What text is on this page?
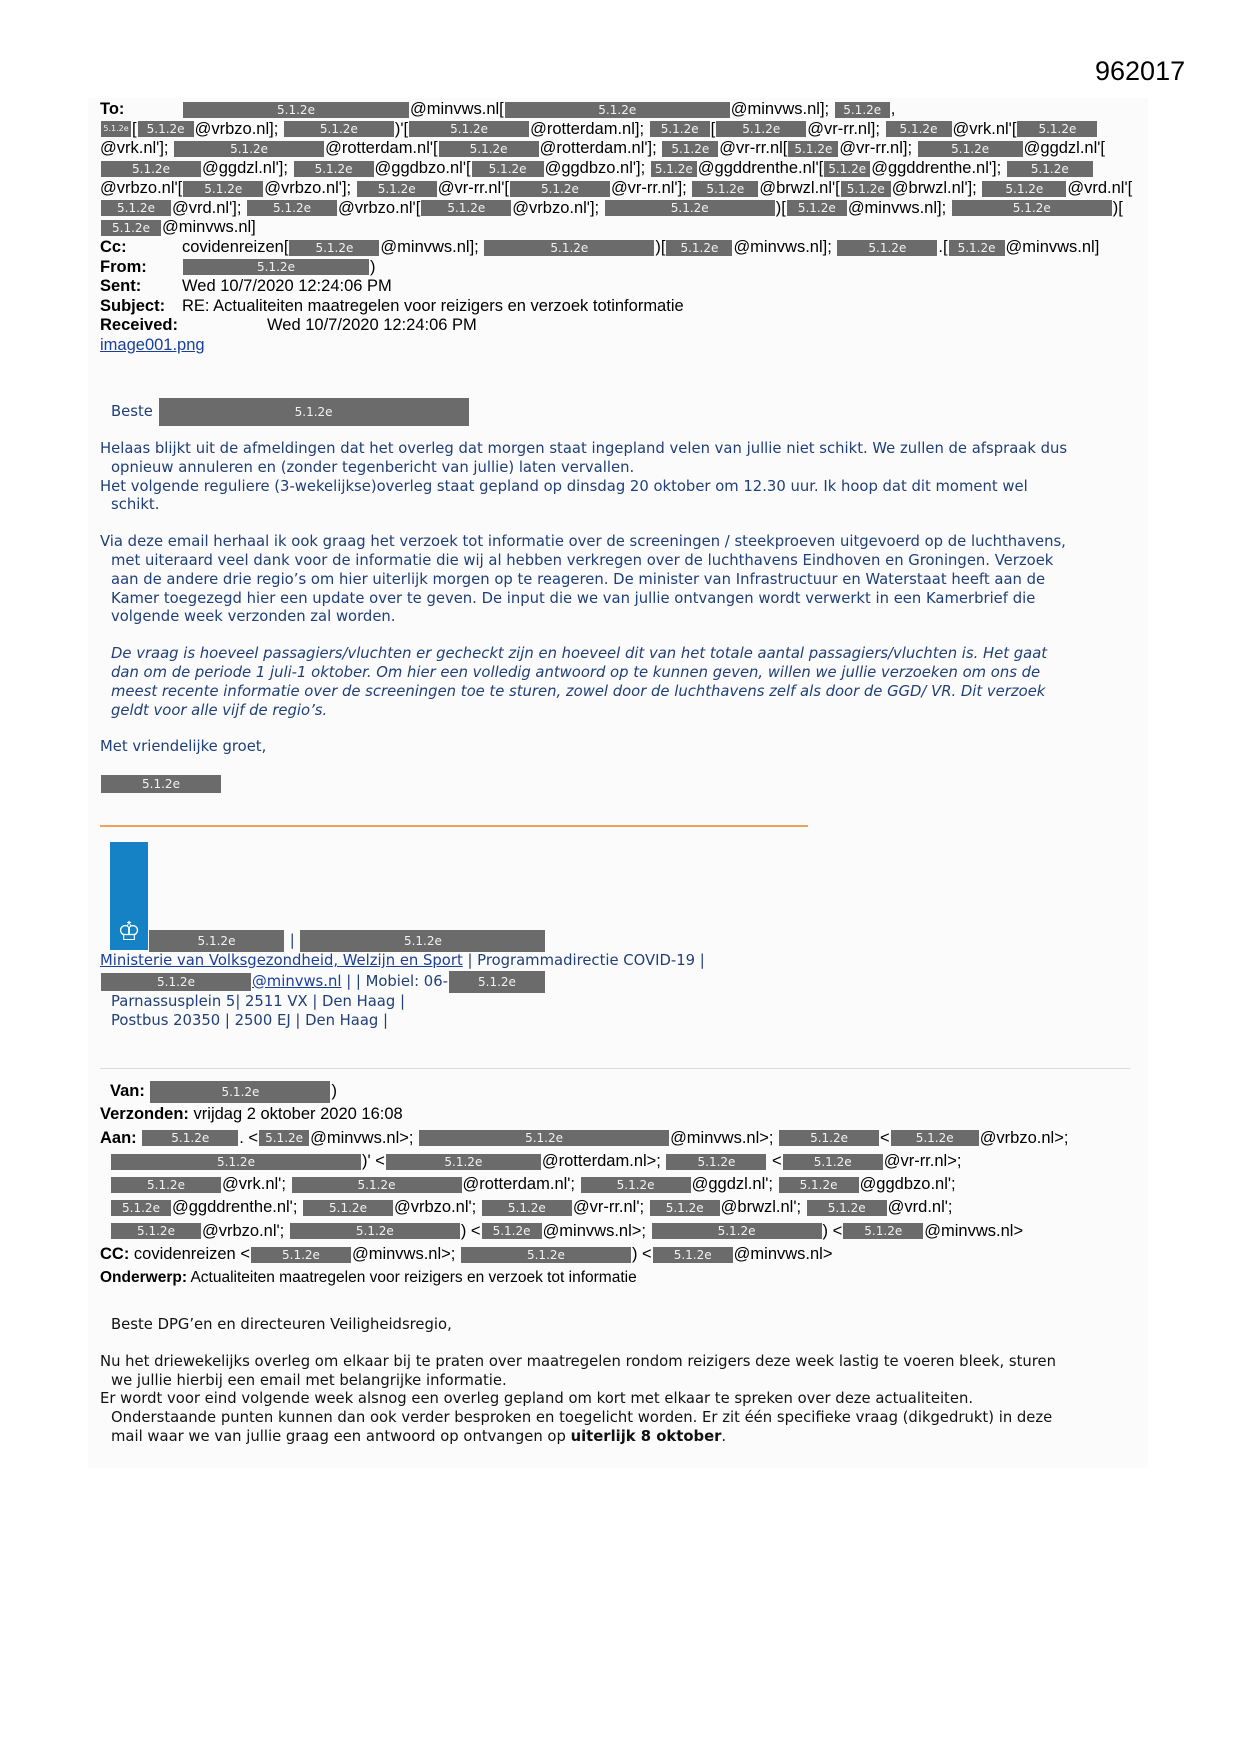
962017
To:	5.1.2e	@minvws.nl[	5.1.2e	@minvws.nl]; 5.1.2e ,
5.1.2e [ 5.1.2e @vrbzo.nl];	5.1.2e )'[	5.1.2e	@rotterdam.nl]; 5.1.2e [ 5.1.2e @vr-rr.nl]; 5.1.2e @vrk.nl'[ 5.1.2e@vrk.nl'];	5.1.2e	@rotterdam.nl'[	5.1.2e @rotterdam.nl']; 5.1.2e @vr-rr.nl[ 5.1.2e @vr-rr.nl];	5.1.2e @ggdzl.nl'[5.1.2e @ggdzl.nl']; 5.1.2e @ggdbzo.nl'[ 5.1.2e @ggdbzo.nl']; 5.1.2e @ggddrenthe.nl'[ 5.1.2e @ggddrenthe.nl']; 5.1.2e@vrbzo.nl'[ 5.1.2e @vrbzo.nl']; 5.1.2e @vr-rr.nl'[	5.1.2e @vr-rr.nl']; 5.1.2e @brwzl.nl'[ 5.1.2e @brwzl.nl']; 5.1.2e @vrd.nl'[5.1.2e @vrd.nl']; 5.1.2e @vrbzo.nl'[ 5.1.2e @vrbzo.nl'];	5.1.2e	)[ 5.1.2e @minvws.nl];	5.1.2e	)[5.1.2e @minvws.nl]
Cc:	covidenreizen[ 5.1.2e @minvws.nl];	5.1.2e	)[ 5.1.2e @minvws.nl];	5.1.2e .[ 5.1.2e @minvws.nl]
From:	5.1.2e	)
Sent: Wed 10/7/2020 12:24:06 PM
Subject: RE: Actualiteiten maatregelen voor reizigers en verzoek totinformatie
Received:	Wed 10/7/2020 12:24:06 PM
image001.png

Beste	5.1.2e

Helaas blijkt uit de afmeldingen dat het overleg dat morgen staat ingepland velen van jullie niet schikt. We zullen de afspraak dus

opnieuw annuleren en (zonder tegenbericht van jullie) laten vervallen.

Het volgende reguliere (3-wekelijkse)overleg staat gepland op dinsdag 20 oktober om 12.30 uur. Ik hoop dat dit moment wel

schikt.

Via deze email herhaal ik ook graag het verzoek tot informatie over de screeningen / steekproeven uitgevoerd op de luchthavens,

met uiteraard veel dank voor de informatie die wij al hebben verkregen over de luchthavens Eindhoven en Groningen. Verzoek

aan de andere drie regio’s om hier uiterlijk morgen op te reageren. De minister van Infrastructuur en Waterstaat heeft aan de

Kamer toegezegd hier een update over te geven. De input die we van jullie ontvangen wordt verwerkt in een Kamerbrief die

volgende week verzonden zal worden.

De vraag is hoeveel passagiers/vluchten er gecheckt zijn en hoeveel dit van het totale aantal passagiers/vluchten is. Het gaat

dan om de periode 1 juli-1 oktober. Om hier een volledig antwoord op te kunnen geven, willen we jullie verzoeken om ons de

meest recente informatie over de screeningen toe te sturen, zowel door de luchthavens zelf als door de GGD/ VR. Dit verzoek

geldt voor alle vijf de regio’s.

Met vriendelijke groet,

5.1.2e

♔	5.1.2e	|	5.1.2e

Ministerie van Volksgezondheid, Welzijn en Sport | Programmadirectie COVID-19 |

5.1.2e	@minvws.nl | | Mobiel: 06-	5.1.2e

Parnassusplein 5| 2511 VX | Den Haag |

Postbus 20350 | 2500 EJ | Den Haag |

Van:	5.1.2e	)
Verzonden: vrijdag 2 oktober 2020 16:08
Aan:	5.1.2e . < 5.1.2e @minvws.nl>;	5.1.2e	@minvws.nl>;	5.1.2e < 5.1.2e @vrbzo.nl>;
5.1.2e	)' <	5.1.2e	@rotterdam.nl>;	5.1.2e <	5.1.2e @vr-rr.nl>;
5.1.2e @vrk.nl';	5.1.2e	@rotterdam.nl';	5.1.2e @ggdzl.nl'; 5.1.2e @ggdbzo.nl';
5.1.2e @ggddrenthe.nl'; 5.1.2e @vrbzo.nl'; 5.1.2e @vr-rr.nl'; 5.1.2e @brwzl.nl'; 5.1.2e @vrd.nl';
5.1.2e @vrbzo.nl';	5.1.2e	) < 5.1.2e @minvws.nl>;	5.1.2e	) < 5.1.2e @minvws.nl>
CC: covidenreizen <	5.1.2e @minvws.nl>;	5.1.2e	) < 5.1.2e @minvws.nl>
Onderwerp: Actualiteiten maatregelen voor reizigers en verzoek tot informatie

Beste DPG’en en directeuren Veiligheidsregio,

Nu het driewekelijks overleg om elkaar bij te praten over maatregelen rondom reizigers deze week lastig te voeren bleek, sturen

we jullie hierbij een email met belangrijke informatie.

Er wordt voor eind volgende week alsnog een overleg gepland om kort met elkaar te spreken over deze actualiteiten.

Onderstaande punten kunnen dan ook verder besproken en toegelicht worden. Er zit één specifieke vraag (dikgedrukt) in deze

mail waar we van jullie graag een antwoord op ontvangen op uiterlijk 8 oktober.
